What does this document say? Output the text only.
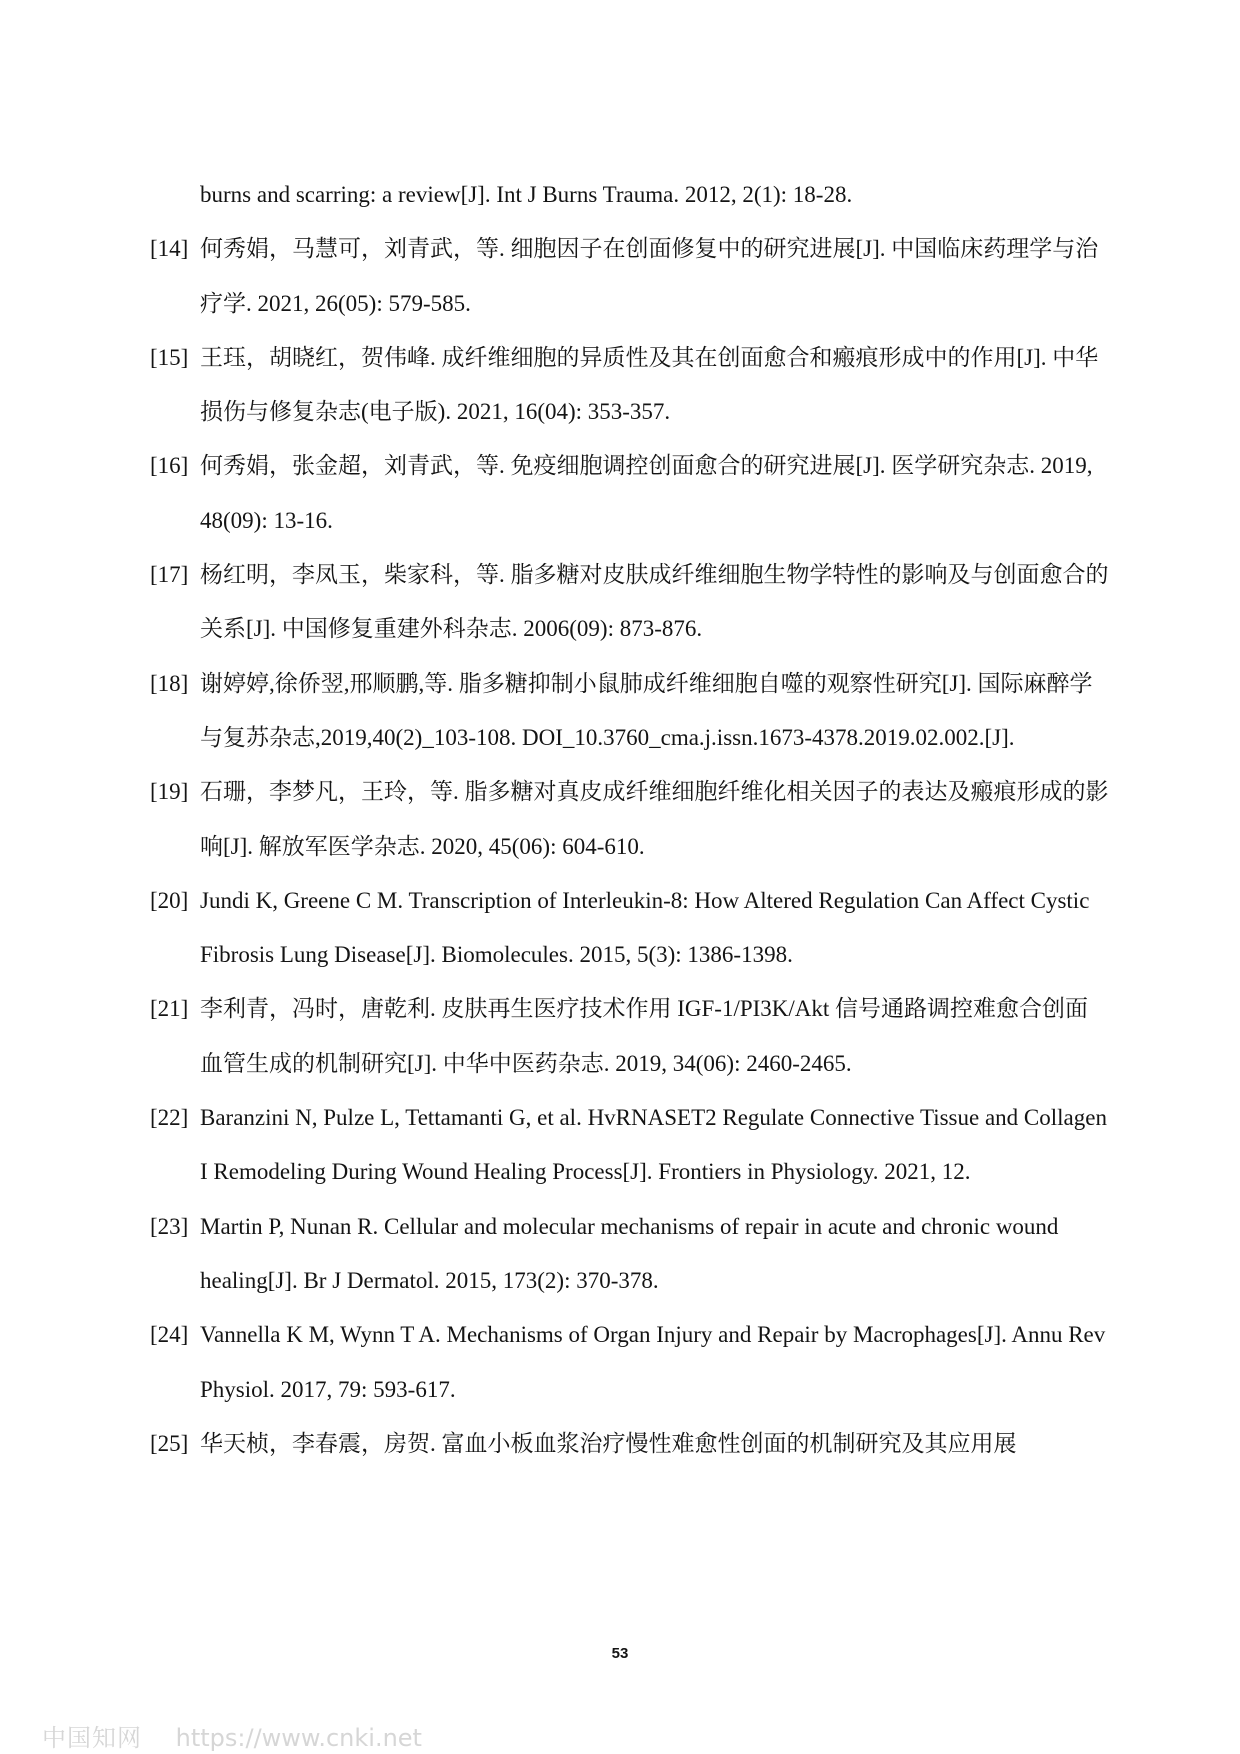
burns and scarring: a review[J]. Int J Burns Trauma. 2012, 2(1): 18-28.
[14] 何秀娟，马慧可，刘青武，等. 细胞因子在创面修复中的研究进展[J]. 中国临床药理学与治疗学. 2021, 26(05): 579-585.
[15] 王珏，胡晓红，贺伟峰. 成纤维细胞的异质性及其在创面愈合和瘢痕形成中的作用[J]. 中华损伤与修复杂志(电子版). 2021, 16(04): 353-357.
[16] 何秀娟，张金超，刘青武，等. 免疫细胞调控创面愈合的研究进展[J]. 医学研究杂志. 2019, 48(09): 13-16.
[17] 杨红明，李凤玉，柴家科，等. 脂多糖对皮肤成纤维细胞生物学特性的影响及与创面愈合的关系[J]. 中国修复重建外科杂志. 2006(09): 873-876.
[18] 谢婷婷,徐侨翌,邢顺鹏,等. 脂多糖抑制小鼠肺成纤维细胞自噬的观察性研究[J]. 国际麻醉学与复苏杂志,2019,40(2)_103-108. DOI_10.3760_cma.j.issn.1673-4378.2019.02.002.[J].
[19] 石珊，李梦凡，王玲，等. 脂多糖对真皮成纤维细胞纤维化相关因子的表达及瘢痕形成的影响[J]. 解放军医学杂志. 2020, 45(06): 604-610.
[20] Jundi K, Greene C M. Transcription of Interleukin-8: How Altered Regulation Can Affect Cystic Fibrosis Lung Disease[J]. Biomolecules. 2015, 5(3): 1386-1398.
[21] 李利青，冯时，唐乾利. 皮肤再生医疗技术作用 IGF-1/PI3K/Akt 信号通路调控难愈合创面血管生成的机制研究[J]. 中华中医药杂志. 2019, 34(06): 2460-2465.
[22] Baranzini N, Pulze L, Tettamanti G, et al. HvRNASET2 Regulate Connective Tissue and Collagen I Remodeling During Wound Healing Process[J]. Frontiers in Physiology. 2021, 12.
[23] Martin P, Nunan R. Cellular and molecular mechanisms of repair in acute and chronic wound healing[J]. Br J Dermatol. 2015, 173(2): 370-378.
[24] Vannella K M, Wynn T A. Mechanisms of Organ Injury and Repair by Macrophages[J]. Annu Rev Physiol. 2017, 79: 593-617.
[25] 华天桢，李春震，房贺. 富血小板血浆治疗慢性难愈性创面的机制研究及其应用展
53
中国知网 https://www.cnki.net
